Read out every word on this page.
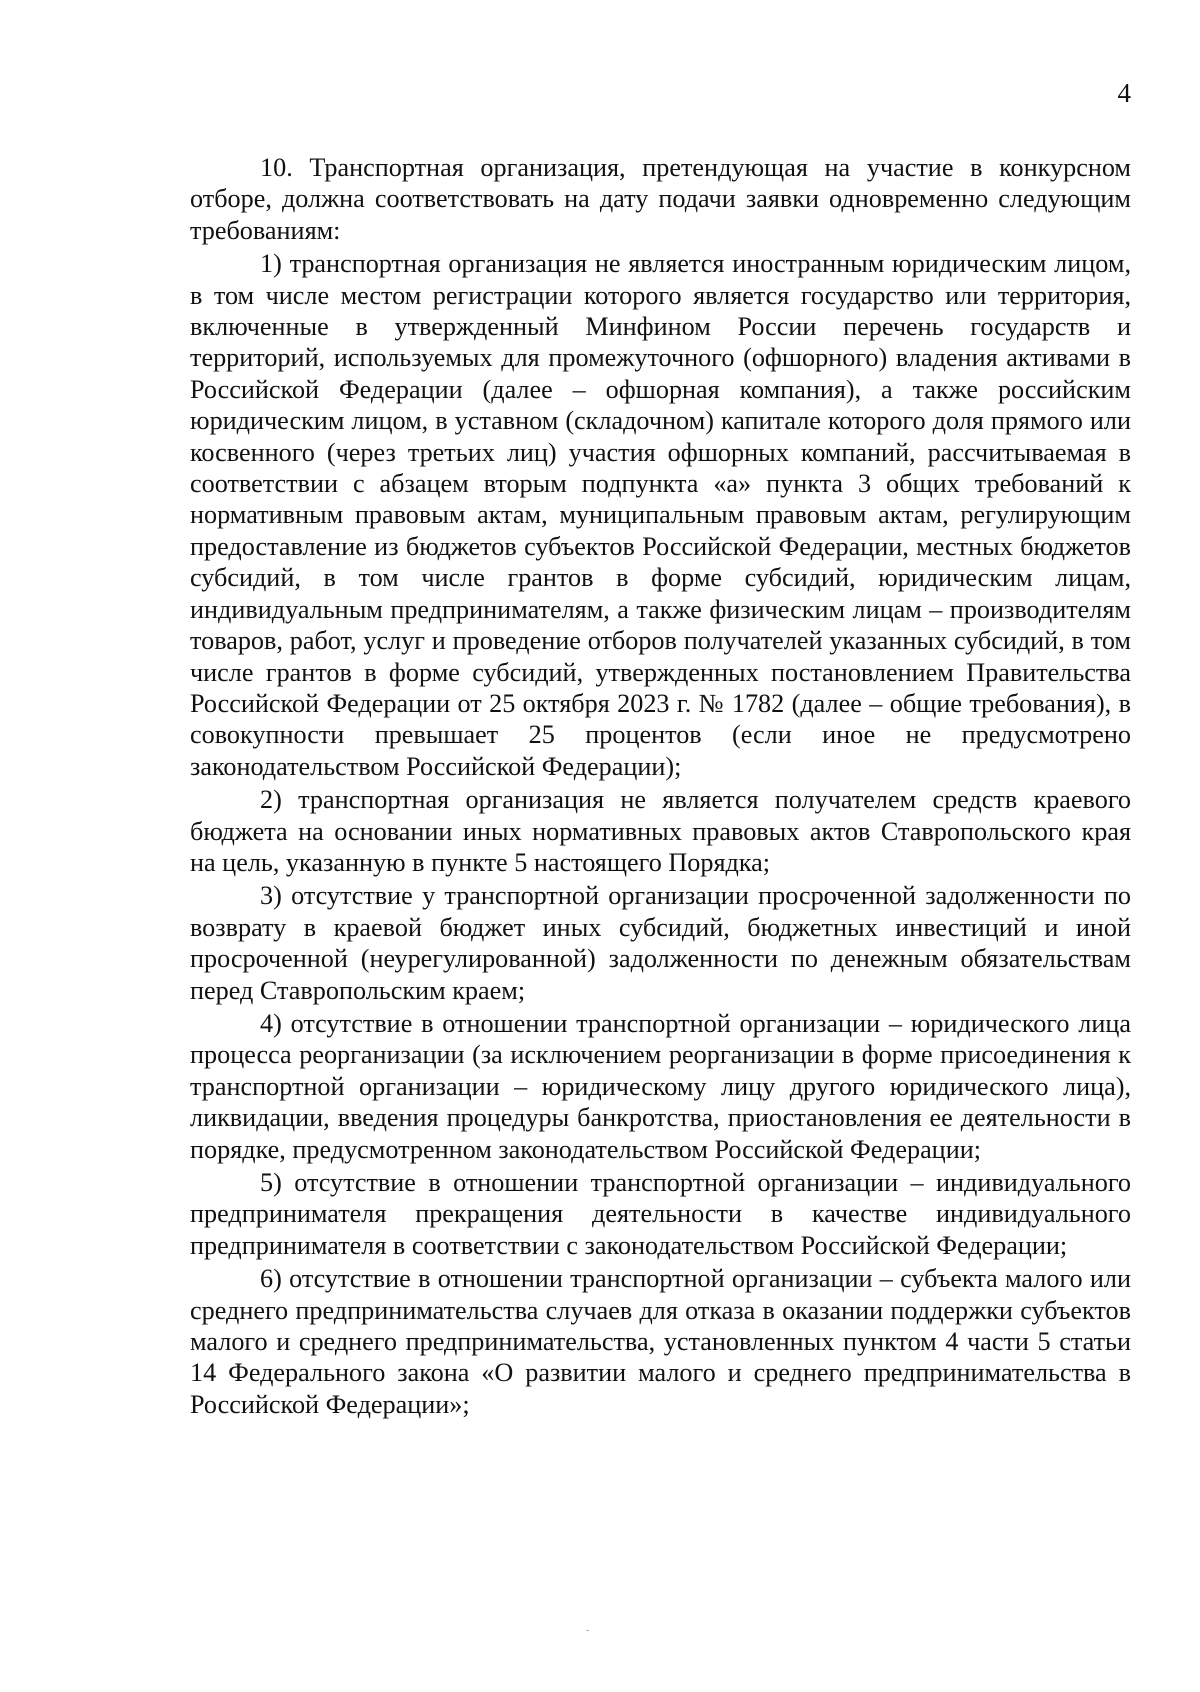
4

10. Транспортная организация, претендующая на участие в конкурсном отборе, должна соответствовать на дату подачи заявки одновременно следующим требованиям:

1) транспортная организация не является иностранным юридическим лицом, в том числе местом регистрации которого является государство или территория, включенные в утвержденный Минфином России перечень государств и территорий, используемых для промежуточного (офшорного) владения активами в Российской Федерации (далее – офшорная компания), а также российским юридическим лицом, в уставном (складочном) капитале которого доля прямого или косвенного (через третьих лиц) участия офшорных компаний, рассчитываемая в соответствии с абзацем вторым подпункта «а» пункта 3 общих требований к нормативным правовым актам, муниципальным правовым актам, регулирующим предоставление из бюджетов субъектов Российской Федерации, местных бюджетов субсидий, в том числе грантов в форме субсидий, юридическим лицам, индивидуальным предпринимателям, а также физическим лицам – производителям товаров, работ, услуг и проведение отборов получателей указанных субсидий, в том числе грантов в форме субсидий, утвержденных постановлением Правительства Российской Федерации от 25 октября 2023 г. № 1782 (далее – общие требования), в совокупности превышает 25 процентов (если иное не предусмотрено законодательством Российской Федерации);

2) транспортная организация не является получателем средств краевого бюджета на основании иных нормативных правовых актов Ставропольского края на цель, указанную в пункте 5 настоящего Порядка;

3) отсутствие у транспортной организации просроченной задолженности по возврату в краевой бюджет иных субсидий, бюджетных инвестиций и иной просроченной (неурегулированной) задолженности по денежным обязательствам перед Ставропольским краем;

4) отсутствие в отношении транспортной организации – юридического лица процесса реорганизации (за исключением реорганизации в форме присоединения к транспортной организации – юридическому лицу другого юридического лица), ликвидации, введения процедуры банкротства, приостановления ее деятельности в порядке, предусмотренном законодательством Российской Федерации;

5) отсутствие в отношении транспортной организации – индивидуального предпринимателя прекращения деятельности в качестве индивидуального предпринимателя в соответствии с законодательством Российской Федерации;

6) отсутствие в отношении транспортной организации – субъекта малого или среднего предпринимательства случаев для отказа в оказании поддержки субъектов малого и среднего предпринимательства, установленных пунктом 4 части 5 статьи 14 Федерального закона «О развитии малого и среднего предпринимательства в Российской Федерации»;
